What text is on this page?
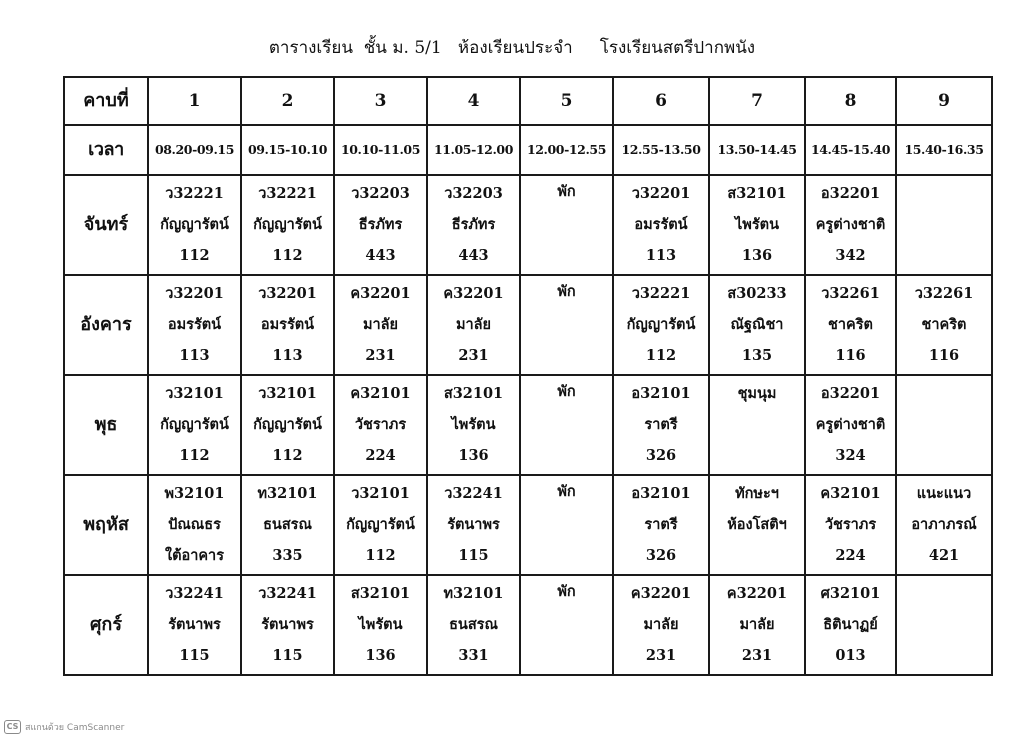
ตารางเรียน  ชั้น ม. 5/1   ห้องเรียนประจำ     โรงเรียนสตรีปากพนัง
คาบที่	1	2	3	4	5	6	7	8	9
เวลา	08.20-09.15	09.15-10.10	10.10-11.05	11.05-12.00	12.00-12.55	12.55-13.50	13.50-14.45	14.45-15.40	15.40-16.35
จันทร์	ว32221
กัญญารัตน์
112	ว32221
กัญญารัตน์
112	ว32203
ธีรภัทร
443	ว32203
ธีรภัทร
443	พัก	ว32201
อมรรัตน์
113	ส32101
ไพรัตน
136	อ32201
ครูต่างชาติ
342	

อังคาร	ว32201
อมรรัตน์
113	ว32201
อมรรัตน์
113	ค32201
มาลัย
231	ค32201
มาลัย
231	พัก	ว32221
กัญญารัตน์
112	ส30233
ณัฐณิชา
135	ว32261
ชาคริต
116	ว32261
ชาคริต
116

พุธ	ว32101
กัญญารัตน์
112	ว32101
กัญญารัตน์
112	ค32101
วัชราภร
224	ส32101
ไพรัตน
136	พัก	อ32101
ราตรี
326	ชุมนุม	อ32201
ครูต่างชาติ
324	

พฤหัส	พ32101
ปัณณธร
ใต้อาคาร	ท32101
ธนสรณ
335	ว32101
กัญญารัตน์
112	ว32241
รัตนาพร
115	พัก	อ32101
ราตรี
326	ทักษะฯ
ห้องโสติฯ	ค32101
วัชราภร
224	แนะแนว
อาภาภรณ์
421

ศุกร์	ว32241
รัตนาพร
115	ว32241
รัตนาพร
115	ส32101
ไพรัตน
136	ท32101
ธนสรณ
331	พัก	ค32201
มาลัย
231	ค32201
มาลัย
231	ศ32101
ธิตินาฏย์
013	

CS สแกนด้วย CamScanner
